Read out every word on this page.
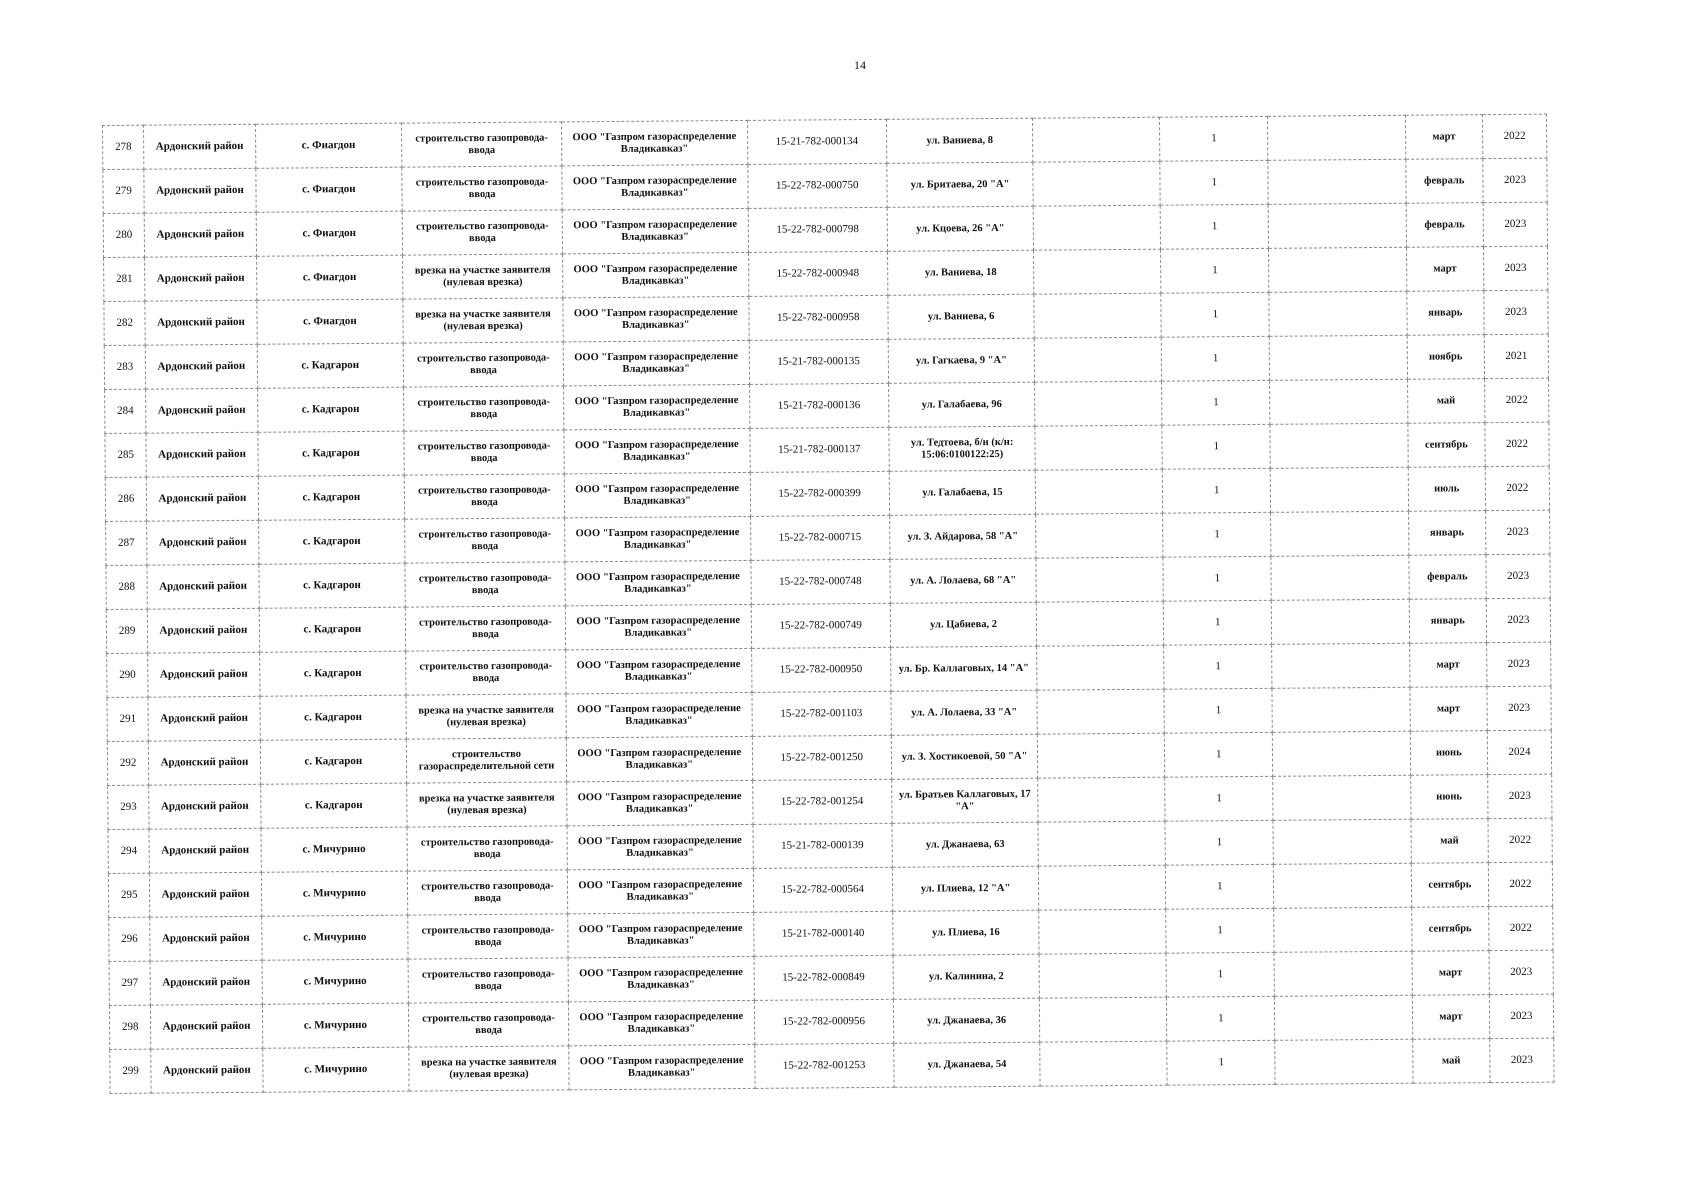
14
278	Ардонский район	с. Фиагдон	строительство газопровода-ввода	ООО "Газпром газораспределение Владикавказ"	15-21-782-000134	ул. Ваниева, 8		1		март	2022
279	Ардонский район	с. Фиагдон	строительство газопровода-ввода	ООО "Газпром газораспределение Владикавказ"	15-22-782-000750	ул. Бритаева, 20 "А"		1		февраль	2023
280	Ардонский район	с. Фиагдон	строительство газопровода-ввода	ООО "Газпром газораспределение Владикавказ"	15-22-782-000798	ул. Кцоева, 26 "А"		1		февраль	2023
281	Ардонский район	с. Фиагдон	врезка на участке заявителя (нулевая врезка)	ООО "Газпром газораспределение Владикавказ"	15-22-782-000948	ул. Ваниева, 18		1		март	2023
282	Ардонский район	с. Фиагдон	врезка на участке заявителя (нулевая врезка)	ООО "Газпром газораспределение Владикавказ"	15-22-782-000958	ул. Ваниева, 6		1		январь	2023
283	Ардонский район	с. Кадгарон	строительство газопровода-ввода	ООО "Газпром газораспределение Владикавказ"	15-21-782-000135	ул. Гагкаева, 9 "А"		1		ноябрь	2021
284	Ардонский район	с. Кадгарон	строительство газопровода-ввода	ООО "Газпром газораспределение Владикавказ"	15-21-782-000136	ул. Галабаева, 96		1		май	2022
285	Ардонский район	с. Кадгарон	строительство газопровода-ввода	ООО "Газпром газораспределение Владикавказ"	15-21-782-000137	ул. Тедтоева, б/н (к/н: 15:06:0100122:25)		1		сентябрь	2022
286	Ардонский район	с. Кадгарон	строительство газопровода-ввода	ООО "Газпром газораспределение Владикавказ"	15-22-782-000399	ул. Галабаева, 15		1		июль	2022
287	Ардонский район	с. Кадгарон	строительство газопровода-ввода	ООО "Газпром газораспределение Владикавказ"	15-22-782-000715	ул. З. Айдарова, 58 "А"		1		январь	2023
288	Ардонский район	с. Кадгарон	строительство газопровода-ввода	ООО "Газпром газораспределение Владикавказ"	15-22-782-000748	ул. А. Лолаева, 68 "А"		1		февраль	2023
289	Ардонский район	с. Кадгарон	строительство газопровода-ввода	ООО "Газпром газораспределение Владикавказ"	15-22-782-000749	ул. Цабиева, 2		1		январь	2023
290	Ардонский район	с. Кадгарон	строительство газопровода-ввода	ООО "Газпром газораспределение Владикавказ"	15-22-782-000950	ул. Бр. Каллаговых, 14 "А"		1		март	2023
291	Ардонский район	с. Кадгарон	врезка на участке заявителя (нулевая врезка)	ООО "Газпром газораспределение Владикавказ"	15-22-782-001103	ул. А. Лолаева, 33 "А"		1		март	2023
292	Ардонский район	с. Кадгарон	строительство газораспределительной сети	ООО "Газпром газораспределение Владикавказ"	15-22-782-001250	ул. З. Хостикоевой, 50 "А"		1		июнь	2024
293	Ардонский район	с. Кадгарон	врезка на участке заявителя (нулевая врезка)	ООО "Газпром газораспределение Владикавказ"	15-22-782-001254	ул. Братьев Каллаговых, 17 "А"		1		июнь	2023
294	Ардонский район	с. Мичурино	строительство газопровода-ввода	ООО "Газпром газораспределение Владикавказ"	15-21-782-000139	ул. Джанаева, 63		1		май	2022
295	Ардонский район	с. Мичурино	строительство газопровода-ввода	ООО "Газпром газораспределение Владикавказ"	15-22-782-000564	ул. Плиева, 12 "А"		1		сентябрь	2022
296	Ардонский район	с. Мичурино	строительство газопровода-ввода	ООО "Газпром газораспределение Владикавказ"	15-21-782-000140	ул. Плиева, 16		1		сентябрь	2022
297	Ардонский район	с. Мичурино	строительство газопровода-ввода	ООО "Газпром газораспределение Владикавказ"	15-22-782-000849	ул. Калинина, 2		1		март	2023
298	Ардонский район	с. Мичурино	строительство газопровода-ввода	ООО "Газпром газораспределение Владикавказ"	15-22-782-000956	ул. Джанаева, 36		1		март	2023
299	Ардонский район	с. Мичурино	врезка на участке заявителя (нулевая врезка)	ООО "Газпром газораспределение Владикавказ"	15-22-782-001253	ул. Джанаева, 54		1		май	2023
